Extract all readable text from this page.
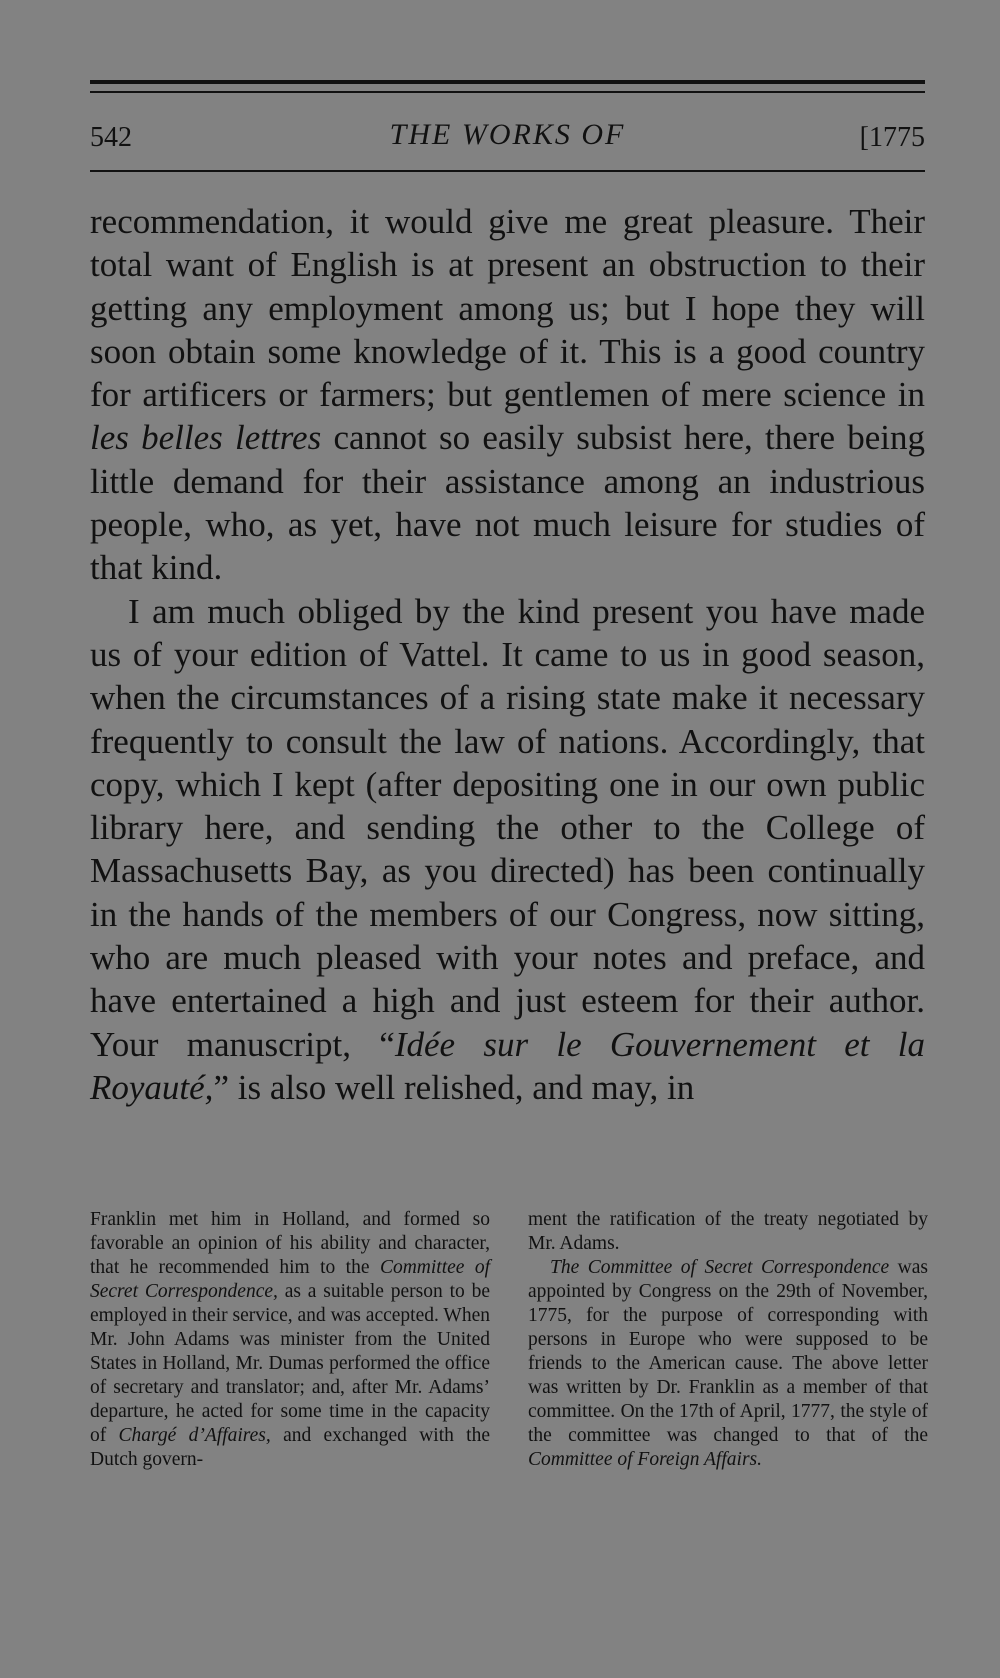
542	THE WORKS OF	[1775

recommendation, it would give me great pleasure. Their total want of English is at present an obstruction to their getting any employment among us; but I hope they will soon obtain some knowledge of it. This is a good country for artificers or farmers; but gentlemen of mere science in les belles lettres cannot so easily subsist here, there being little demand for their assistance among an industrious people, who, as yet, have not much leisure for studies of that kind.

I am much obliged by the kind present you have made us of your edition of Vattel. It came to us in good season, when the circumstances of a rising state make it necessary frequently to consult the law of nations. Accordingly, that copy, which I kept (after depositing one in our own public library here, and sending the other to the College of Massachusetts Bay, as you directed) has been continually in the hands of the members of our Congress, now sitting, who are much pleased with your notes and preface, and have entertained a high and just esteem for their author. Your manuscript, “Idée sur le Gouvernement et la Royauté,” is also well relished, and may, in

Franklin met him in Holland, and formed so favorable an opinion of his ability and character, that he recommended him to the Committee of Secret Correspondence, as a suitable person to be employed in their service, and was accepted. When Mr. John Adams was minister from the United States in Holland, Mr. Dumas performed the office of secretary and translator; and, after Mr. Adams’ departure, he acted for some time in the capacity of Chargé d’Affaires, and exchanged with the Dutch govern-

ment the ratification of the treaty negotiated by Mr. Adams.

The Committee of Secret Correspondence was appointed by Congress on the 29th of November, 1775, for the purpose of corresponding with persons in Europe who were supposed to be friends to the American cause. The above letter was written by Dr. Franklin as a member of that committee. On the 17th of April, 1777, the style of the committee was changed to that of the Committee of Foreign Affairs.
